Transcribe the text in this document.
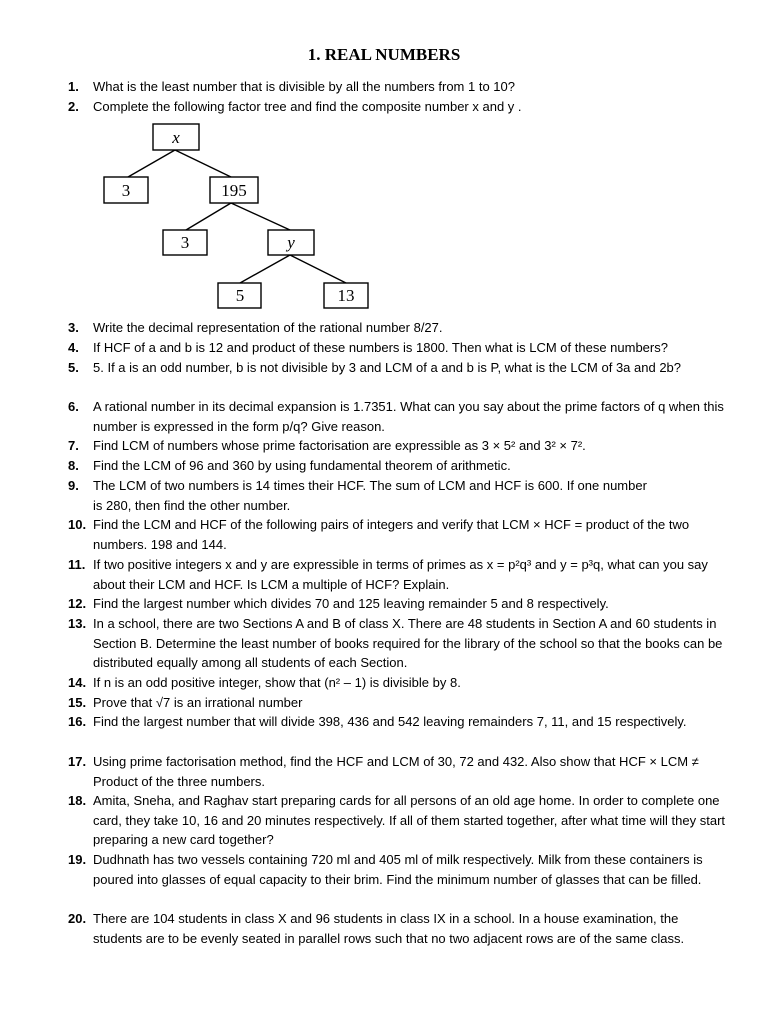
1. REAL NUMBERS
x
3	195
3	y
5	13
1.	What is the least number that is divisible by all the numbers from 1 to 10?
2.	Complete the following factor tree and find the composite number x and y .
3.	Write the decimal representation of the rational number 8/27.
4.	If HCF of a and b is 12 and product of these numbers is 1800. Then what is LCM of these numbers?
5.	5. If a is an odd number, b is not divisible by 3 and LCM of a and b is P, what is the LCM of 3a and 2b?
6.	A rational number in its decimal expansion is 1.7351. What can you say about the prime factors of q when this number is expressed in the form p/q? Give reason.
7.	Find LCM of numbers whose prime factorisation are expressible as 3 × 5² and 3² × 7².
8.	Find the LCM of 96 and 360 by using fundamental theorem of arithmetic.
9.	The LCM of two numbers is 14 times their HCF. The sum of LCM and HCF is 600. If one number is 280, then find the other number.
10. Find the LCM and HCF of the following pairs of integers and verify that LCM × HCF = product of the two numbers. 198 and 144.
11. If two positive integers x and y are expressible in terms of primes as x = p²q³ and y = p³q, what can you say about their LCM and HCF. Is LCM a multiple of HCF? Explain.
12. Find the largest number which divides 70 and 125 leaving remainder 5 and 8 respectively.
13. In a school, there are two Sections A and B of class X. There are 48 students in Section A and 60 students in Section B. Determine the least number of books required for the library of the school so that the books can be distributed equally among all students of each Section.
14. If n is an odd positive integer, show that (n² – 1) is divisible by 8.
15. Prove that √7 is an irrational number
16. Find the largest number that will divide 398, 436 and 542 leaving remainders 7, 11, and 15 respectively.
17. Using prime factorisation method, find the HCF and LCM of 30, 72 and 432. Also show that HCF × LCM ≠ Product of the three numbers.
18. Amita, Sneha, and Raghav start preparing cards for all persons of an old age home. In order to complete one card, they take 10, 16 and 20 minutes respectively. If all of them started together, after what time will they start preparing a new card together?
19. Dudhnath has two vessels containing 720 ml and 405 ml of milk respectively. Milk from these containers is poured into glasses of equal capacity to their brim. Find the minimum number of glasses that can be filled.
20. There are 104 students in class X and 96 students in class IX in a school. In a house examination, the students are to be evenly seated in parallel rows such that no two adjacent rows are of the same class.
